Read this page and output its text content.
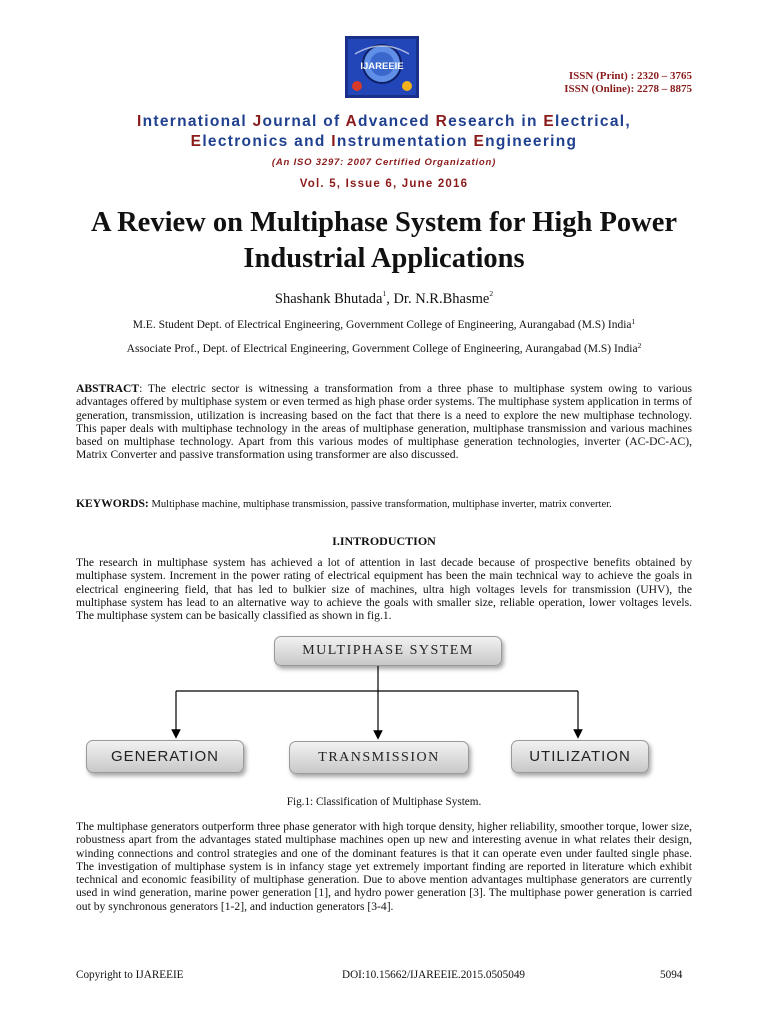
IJAREEIE
ISSN (Print) : 2320 – 3765
ISSN (Online): 2278 – 8875
International Journal of Advanced Research in Electrical,
Electronics and Instrumentation Engineering
(An ISO 3297: 2007 Certified Organization)
Vol. 5, Issue 6, June 2016
A Review on Multiphase System for High Power Industrial Applications
Shashank Bhutada$^1$, Dr. N.R.Bhasme$^2$
M.E. Student Dept. of Electrical Engineering, Government College of Engineering, Aurangabad (M.S) India$^1$
Associate Prof., Dept. of Electrical Engineering, Government College of Engineering, Aurangabad (M.S) India$^2$
ABSTRACT: The electric sector is witnessing a transformation from a three phase to multiphase system owing to various advantages offered by multiphase system or even termed as high phase order systems. The multiphase system application in terms of generation, transmission, utilization is increasing based on the fact that there is a need to explore the new multiphase technology. This paper deals with multiphase technology in the areas of multiphase generation, multiphase transmission and various machines based on multiphase technology. Apart from this various modes of multiphase generation technologies, inverter (AC-DC-AC), Matrix Converter and passive transformation using transformer are also discussed.
KEYWORDS: Multiphase machine, multiphase transmission, passive transformation, multiphase inverter, matrix converter.
I.INTRODUCTION
The research in multiphase system has achieved a lot of attention in last decade because of prospective benefits obtained by multiphase system. Increment in the power rating of electrical equipment has been the main technical way to achieve the goals in electrical engineering field, that has led to bulkier size of machines, ultra high voltages levels for transmission (UHV), the multiphase system has lead to an alternative way to achieve the goals with smaller size, reliable operation, lower voltages levels. The multiphase system can be basically classified as shown in fig.1.
MULTIPHASE SYSTEM
GENERATION	TRANSMISSION	UTILIZATION
Fig.1: Classification of Multiphase System.
The multiphase generators outperform three phase generator with high torque density, higher reliability, smoother torque, lower size, robustness apart from the advantages stated multiphase machines open up new and interesting avenue in what relates their design, winding connections and control strategies and one of the dominant features is that it can operate even under faulted single phase. The investigation of multiphase system is in infancy stage yet extremely important finding are reported in literature which exhibit technical and economic feasibility of multiphase generation. Due to above mention advantages multiphase generators are currently used in wind generation, marine power generation [1], and hydro power generation [3]. The multiphase power generation is carried out by synchronous generators [1-2], and induction generators [3-4].
Copyright to IJAREEIE	DOI:10.15662/IJAREEIE.2015.0505049	5094
